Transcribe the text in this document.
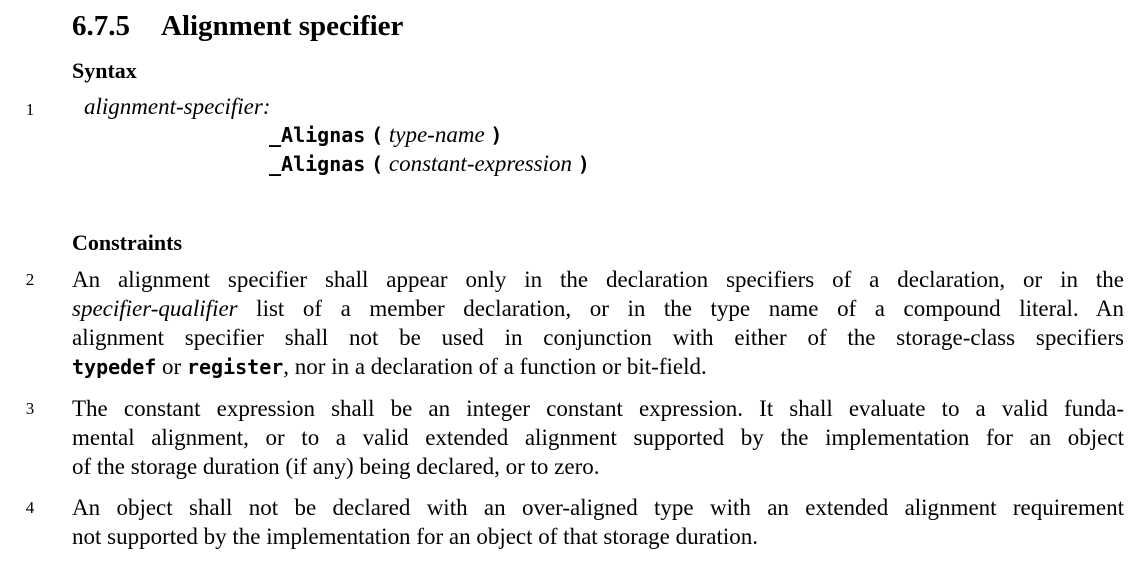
6.7.5 Alignment specifier
Syntax
1 alignment-specifier:
_Alignas ( type-name )
_Alignas ( constant-expression )
Constraints
2 An alignment specifier shall appear only in the declaration specifiers of a declaration, or in the
specifier-qualifier list of a member declaration, or in the type name of a compound literal. An
alignment specifier shall not be used in conjunction with either of the storage-class specifiers
typedef or register, nor in a declaration of a function or bit-field.
3 The constant expression shall be an integer constant expression. It shall evaluate to a valid funda-
mental alignment, or to a valid extended alignment supported by the implementation for an object
of the storage duration (if any) being declared, or to zero.
4 An object shall not be declared with an over-aligned type with an extended alignment requirement
not supported by the implementation for an object of that storage duration.
